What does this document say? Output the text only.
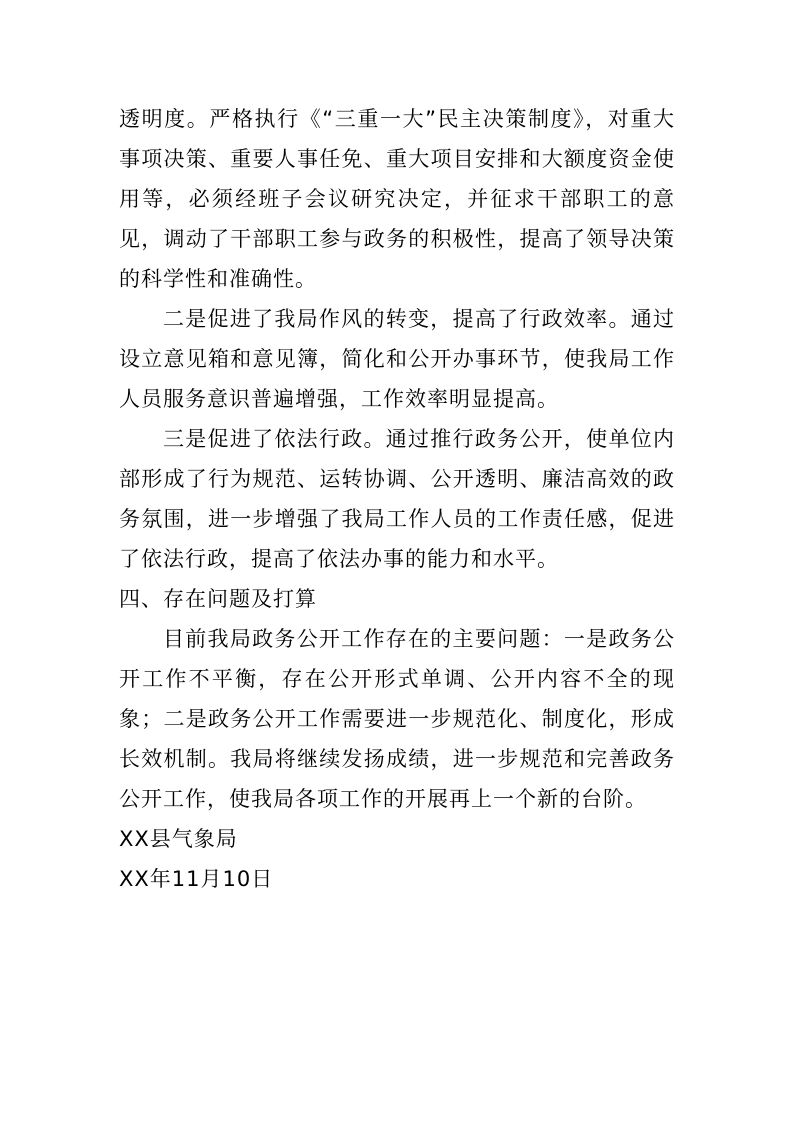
透明度。严格执行《“三重一大”民主决策制度》，对重大事项决策、重要人事任免、重大项目安排和大额度资金使用等，必须经班子会议研究决定，并征求干部职工的意见，调动了干部职工参与政务的积极性，提高了领导决策的科学性和准确性。

二是促进了我局作风的转变，提高了行政效率。通过设立意见箱和意见簿，简化和公开办事环节，使我局工作人员服务意识普遍增强，工作效率明显提高。

三是促进了依法行政。通过推行政务公开，使单位内部形成了行为规范、运转协调、公开透明、廉洁高效的政务氛围，进一步增强了我局工作人员的工作责任感，促进了依法行政，提高了依法办事的能力和水平。

四、存在问题及打算

目前我局政务公开工作存在的主要问题：一是政务公开工作不平衡，存在公开形式单调、公开内容不全的现象；二是政务公开工作需要进一步规范化、制度化，形成长效机制。我局将继续发扬成绩，进一步规范和完善政务公开工作，使我局各项工作的开展再上一个新的台阶。

XX县气象局

XX年11月10日
